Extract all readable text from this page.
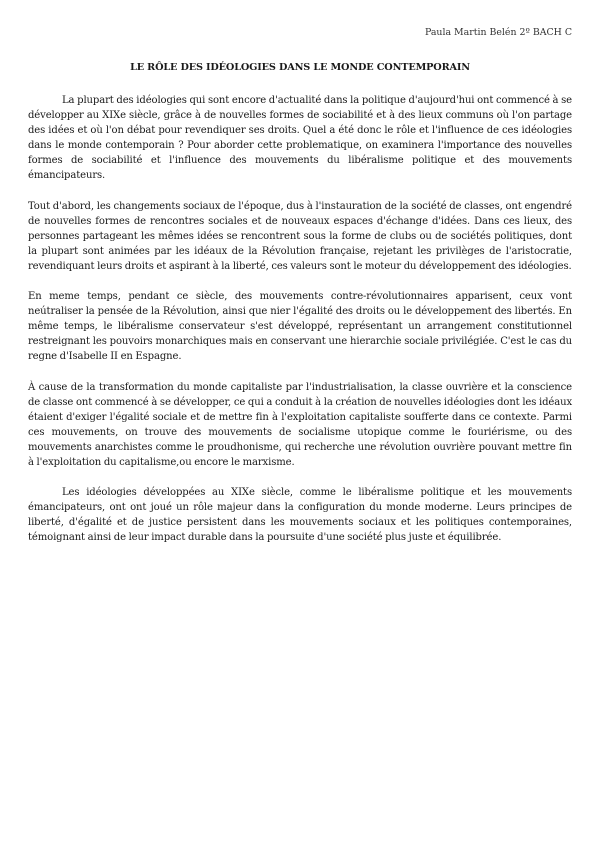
Paula Martin Belén 2º BACH C
LE RÔLE DES IDÉOLOGIES DANS LE MONDE CONTEMPORAIN

La plupart des idéologies qui sont encore d'actualité dans la politique d'aujourd'hui ont commencé à se développer au XIXe siècle, grâce à de nouvelles formes de sociabilité et à des lieux communs où l'on partage des idées et où l'on débat pour revendiquer ses droits. Quel a été donc le rôle et l'influence de ces idéologies dans le monde contemporain ? Pour aborder cette problematique, on examinera l'importance des nouvelles formes de sociabilité et l'influence des mouvements du libéralisme politique et des mouvements émancipateurs.

Tout d'abord, les changements sociaux de l'époque, dus à l'instauration de la société de classes, ont engendré de nouvelles formes de rencontres sociales et de nouveaux espaces d'échange d'idées. Dans ces lieux, des personnes partageant les mêmes idées se rencontrent sous la forme de clubs ou de sociétés politiques, dont la plupart sont animées par les idéaux de la Révolution française, rejetant les privilèges de l'aristocratie, revendiquant leurs droits et aspirant à la liberté, ces valeurs sont le moteur du développement des idéologies.

En meme temps, pendant ce siècle, des mouvements contre-révolutionnaires apparisent, ceux vont neútraliser la pensée de la Révolution, ainsi que nier l'égalité des droits ou le développement des libertés. En même temps, le libéralisme conservateur s'est développé, représentant un arrangement constitutionnel restreignant les pouvoirs monarchiques mais en conservant une hierarchie sociale privilégiée. C'est le cas du regne d'Isabelle II en Espagne.

À cause de la transformation du monde capitaliste par l'industrialisation, la classe ouvrière et la conscience de classe ont commencé à se développer, ce qui a conduit à la création de nouvelles idéologies dont les idéaux étaient d'exiger l'égalité sociale et de mettre fin à l'exploitation capitaliste soufferte dans ce contexte. Parmi ces mouvements, on trouve des mouvements de socialisme utopique comme le fouriérisme, ou des mouvements anarchistes comme le proudhonisme, qui recherche une révolution ouvrière pouvant mettre fin à l'exploitation du capitalisme,ou encore le marxisme.

Les idéologies développées au XIXe siècle, comme le libéralisme politique et les mouvements émancipateurs, ont ont joué un rôle majeur dans la configuration du monde moderne. Leurs principes de liberté, d'égalité et de justice persistent dans les mouvements sociaux et les politiques contemporaines, témoignant ainsi de leur impact durable dans la poursuite d'une société plus juste et équilibrée.
